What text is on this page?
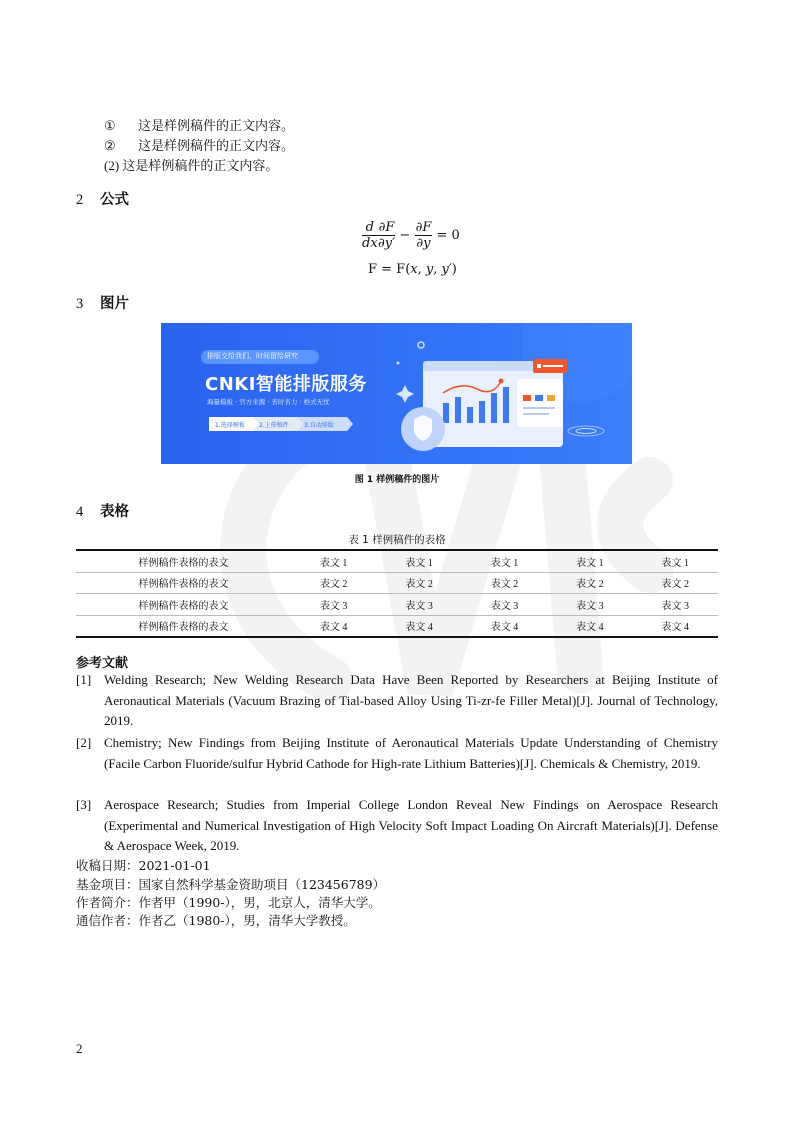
① 这是样例稿件的正文内容。
② 这是样例稿件的正文内容。
(2) 这是样例稿件的正文内容。
2 公式
$\frac{d}{dx} \frac{\partial F}{\partial y'} - \frac{\partial F}{\partial y} = 0$
F = F(𝑥, 𝑦, 𝑦′)
3 图片
排版交给我们，时间留给研究
CNKI智能排版服务
海量模板 · 官方来源 · 省时省力 · 格式无忧
1.选择模板 2.上传稿件	3.自动排版
图 1 样例稿件的图片
4 表格
表 1 样例稿件的表格
样例稿件表格的表文	表文 1	表文 1	表文 1	表文 1	表文 1
样例稿件表格的表文	表文 2	表文 2	表文 2	表文 2	表文 2
样例稿件表格的表文	表文 3	表文 3	表文 3	表文 3	表文 3
样例稿件表格的表文	表文 4	表文 4	表文 4	表文 4	表文 4
参考文献
[1] Welding Research; New Welding Research Data Have Been Reported by Researchers at Beijing Institute of Aeronautical Materials (Vacuum Brazing of Tial-based Alloy Using Ti-zr-fe Filler Metal)[J]. Journal of Technology, 2019.
[2] Chemistry; New Findings from Beijing Institute of Aeronautical Materials Update Understanding of Chemistry (Facile Carbon Fluoride/sulfur Hybrid Cathode for High-rate Lithium Batteries)[J]. Chemicals & Chemistry, 2019.
[3] Aerospace Research; Studies from Imperial College London Reveal New Findings on Aerospace Research (Experimental and Numerical Investigation of High Velocity Soft Impact Loading On Aircraft Materials)[J]. Defense & Aerospace Week, 2019.
收稿日期：2021-01-01
基金项目：国家自然科学基金资助项目（123456789）
作者简介：作者甲（1990-），男，北京人，清华大学。
通信作者：作者乙（1980-），男，清华大学教授。
2
